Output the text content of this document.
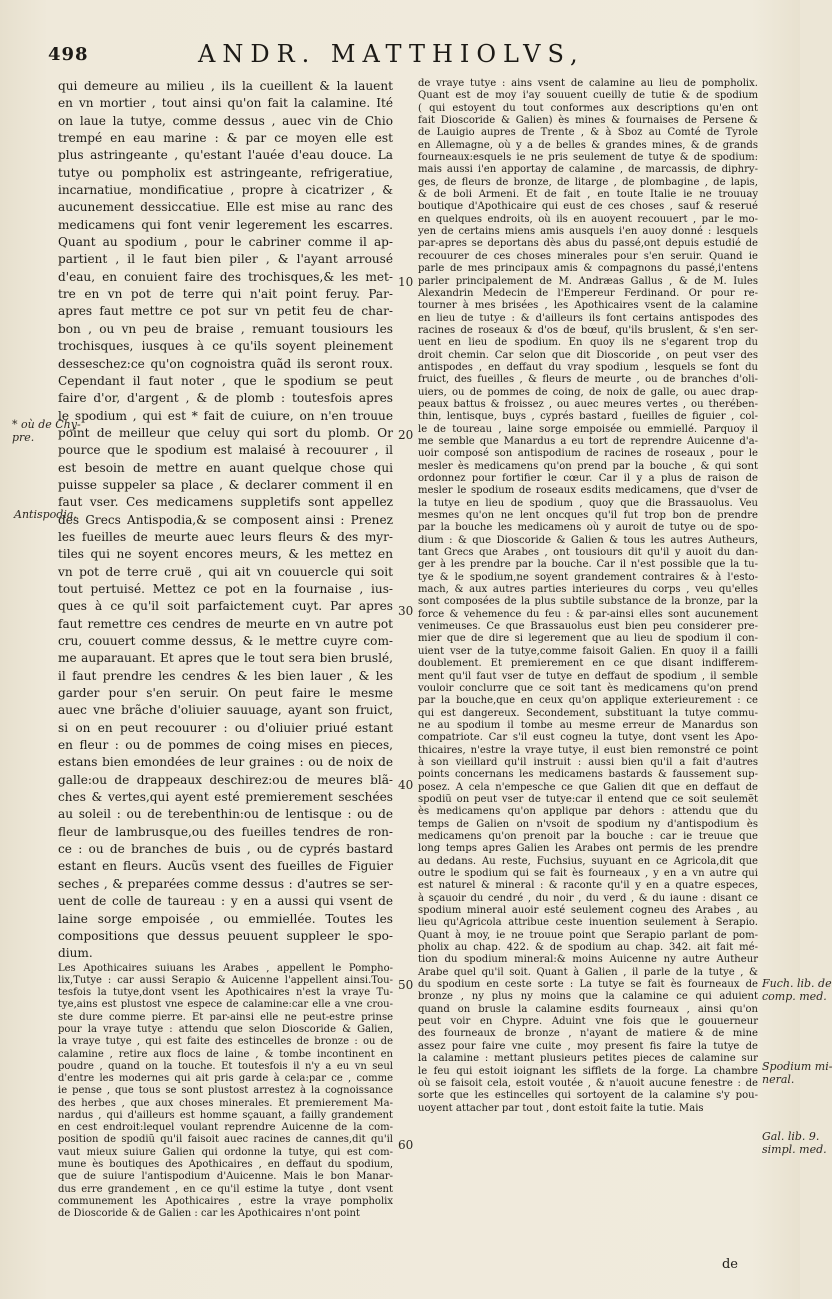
498	ANDR. MATTHIOLVS,
qui demeure au milieu , ils la cueillent & la lauent
en vn mortier , tout ainsi qu'on fait la calamine. Ité
on laue la tutye, comme dessus , auec vin de Chio
trempé en eau marine : & par ce moyen elle est
plus astringeante , qu'estant l'auée d'eau douce. La
tutye ou pompholix est astringeante, refrigeratiue,
incarnatiue, mondificatiue , propre à cicatrizer , &
aucunement dessiccatiue. Elle est mise au ranc des
medicamens qui font venir legerement les escarres.
Quant au spodium , pour le cabriner comme il ap-
partient , il le faut bien piler , & l'ayant arrousé
d'eau, en conuient faire des trochisques,& les met-
tre en vn pot de terre qui n'ait point feruy. Par-
apres faut mettre ce pot sur vn petit feu de char-
bon , ou vn peu de braise , remuant tousiours les
trochisques, iusques à ce qu'ils soyent pleinement
desseschez:ce qu'on cognoistra quãd ils seront roux.
Cependant il faut noter , que le spodium se peut
faire d'or, d'argent , & de plomb : toutesfois apres
le spodium , qui est * fait de cuiure, on n'en trouue
point de meilleur que celuy qui sort du plomb. Or
pource que le spodium est malaisé à recouurer , il
est besoin de mettre en auant quelque chose qui
puisse suppeler sa place , & declarer comment il en
faut vser. Ces medicamens suppletifs sont appellez
des Grecs Antispodia,& se composent ainsi : Prenez
les fueilles de meurte auec leurs fleurs & des myr-
tiles qui ne soyent encores meurs, & les mettez en
vn pot de terre cruë , qui ait vn couuercle qui soit
tout pertuisé. Mettez ce pot en la fournaise , ius-
ques à ce qu'il soit parfaictement cuyt. Par apres
faut remettre ces cendres de meurte en vn autre pot
cru, couuert comme dessus, & le mettre cuyre com-
me auparauant. Et apres que le tout sera bien bruslé,
il faut prendre les cendres & les bien lauer , & les
garder pour s'en seruir. On peut faire le mesme
auec vne brãche d'oliuier sauuage, ayant son fruict,
si on en peut recouurer : ou d'oliuier priué estant
en fleur : ou de pommes de coing mises en pieces,
estans bien emondées de leur graines : ou de noix de
galle:ou de drappeaux deschirez:ou de meures blã-
ches & vertes,qui ayent esté premierement seschées
au soleil : ou de terebenthin:ou de lentisque : ou de
fleur de lambrusque,ou des fueilles tendres de ron-
ce : ou de branches de buis , ou de cyprés bastard
estant en fleurs. Aucũs vsent des fueilles de Figuier
seches , & preparées comme dessus : d'autres se ser-
uent de colle de taureau : y en a aussi qui vsent de
laine sorge empoisée , ou emmiellée. Toutes les
compositions que dessus peuuent suppleer le spo-
dium.
Les Apothicaires suiuans les Arabes , appellent le Pompho-
lix,Tutye : car aussi Serapio & Auicenne l'appellent ainsi.Tou-
tesfois la tutye,dont vsent les Apothicaires n'est la vraye Tu-
tye,ains est plustost vne espece de calamine:car elle a vne crou-
ste dure comme pierre. Et par-ainsi elle ne peut-estre prinse
pour la vraye tutye : attendu que selon Dioscoride & Galien,
la vraye tutye , qui est faite des estincelles de bronze : ou de
calamine , retire aux flocs de laine , & tombe incontinent en
poudre , quand on la touche. Et toutesfois il n'y a eu vn seul
d'entre les modernes qui ait pris garde à cela:par ce , comme
ie pense , que tous se sont plustost arrestez à la cognoissance
des herbes , que aux choses minerales. Et premierement Ma-
nardus , qui d'ailleurs est homme sçauant, a failly grandement
en cest endroit:lequel voulant reprendre Auicenne de la com-
position de spodiũ qu'il faisoit auec racines de cannes,dit qu'il
vaut mieux suiure Galien qui ordonne la tutye, qui est com-
mune ès boutiques des Apothicaires , en deffaut du spodium,
que de suiure l'antispodium d'Auicenne. Mais le bon Manar-
dus erre grandement , en ce qu'il estime la tutye , dont vsent
communement les Apothicaires , estre la vraye pompholix
de Dioscoride & de Galien : car les Apothicaires n'ont point
de vraye tutye : ains vsent de calamine au lieu de pompholix.
Quant est de moy i'ay souuent cueilly de tutie & de spodium
( qui estoyent du tout conformes aux descriptions qu'en ont
fait Dioscoride & Galien) ès mines & fournaises de Persene &
de Lauigio aupres de Trente , & à Sboz au Comté de Tyrole
en Allemagne, où y a de belles & grandes mines, & de grands
fourneaux:esquels ie ne pris seulement de tutye & de spodium:
mais aussi i'en apportay de calamine , de marcassis, de diphry-
ges, de fleurs de bronze, de litarge , de plombagine , de lapis,
& de boli Armeni. Et de fait , en toute Italie ie ne trouuay
boutique d'Apothicaire qui eust de ces choses , sauf & reserué
en quelques endroits, où ils en auoyent recouuert , par le mo-
yen de certains miens amis ausquels i'en auoy donné : lesquels
par-apres se deportans dès abus du passé,ont depuis estudié de
recouurer de ces choses minerales pour s'en seruir. Quand ie
parle de mes principaux amis & compagnons du passé,i'entens
parler principalement de M. Andræas Gallus , & de M. Iules
Alexandrin Medecin de l'Empereur Ferdinand. Or pour re-
tourner à mes brisées , les Apothicaires vsent de la calamine
en lieu de tutye : & d'ailleurs ils font certains antispodes des
racines de roseaux & d'os de bœuf, qu'ils bruslent, & s'en ser-
uent en lieu de spodium. En quoy ils ne s'egarent trop du
droit chemin. Car selon que dit Dioscoride , on peut vser des
antispodes , en deffaut du vray spodium , lesquels se font du
fruict, des fueilles , & fleurs de meurte , ou de branches d'oli-
uiers, ou de pommes de coing, de noix de galle, ou auec drap-
peaux battus & froissez , ou auec meures vertes , ou therében-
thin, lentisque, buys , cyprés bastard , fueilles de figuier , col-
le de toureau , laine sorge empoisée ou emmiellé. Parquoy il
me semble que Manardus a eu tort de reprendre Auicenne d'a-
uoir composé son antispodium de racines de roseaux , pour le
mesler ès medicamens qu'on prend par la bouche , & qui sont
ordonnez pour fortifier le cœur. Car il y a plus de raison de
mesler le spodium de roseaux esdits medicamens, que d'vser de
la tutye en lieu de spodium , quoy que die Brassauolus. Veu
mesmes qu'on ne lent oncques qu'il fut trop bon de prendre
par la bouche les medicamens où y auroit de tutye ou de spo-
dium : & que Dioscoride & Galien & tous les autres Autheurs,
tant Grecs que Arabes , ont tousiours dit qu'il y auoit du dan-
ger à les prendre par la bouche. Car il n'est possible que la tu-
tye & le spodium,ne soyent grandement contraires & à l'esto-
mach, & aux autres parties interieures du corps , veu qu'elles
sont composées de la plus subtile substance de la bronze, par la
force & vehemence du feu : & par-ainsi elles sont aucunement
venimeuses. Ce que Brassauolus eust bien peu considerer pre-
mier que de dire si legerement que au lieu de spodium il con-
uient vser de la tutye,comme faisoit Galien. En quoy il a failli
doublement. Et premierement en ce que disant indifferem-
ment qu'il faut vser de tutye en deffaut de spodium , il semble
vouloir conclurre que ce soit tant ès medicamens qu'on prend
par la bouche,que en ceux qu'on applique exterieurement : ce
qui est dangereux. Secondement, substituant la tutye commu-
ne au spodium il tombe au mesme erreur de Manardus son
compatriote. Car s'il eust cogneu la tutye, dont vsent les Apo-
thicaires, n'estre la vraye tutye, il eust bien remonstré ce point
à son vieillard qu'il instruit : aussi bien qu'il a fait d'autres
points concernans les medicamens bastards & faussement sup-
posez. A cela n'empesche ce que Galien dit que en deffaut de
spodiũ on peut vser de tutye:car il entend que ce soit seulemẽt
ès medicamens qu'on applique par dehors : attendu que du
temps de Galien on n'vsoit de spodium ny d'antispodium ès
medicamens qu'on prenoit par la bouche : car ie treuue que
long temps apres Galien les Arabes ont permis de les prendre
au dedans. Au reste, Fuchsius, suyuant en ce Agricola,dit que
outre le spodium qui se fait ès fourneaux , y en a vn autre qui
est naturel & mineral : & raconte qu'il y en a quatre especes,
à sçauoir du cendré , du noir , du verd , & du iaune : disant ce
spodium mineral auoir esté seulement cogneu des Arabes , au
lieu qu'Agricola attribue ceste inuention seulement à Serapio.
Quant à moy, ie ne trouue point que Serapio parlant de pom-
pholix au chap. 422. & de spodium au chap. 342. ait fait mé-
tion du spodium mineral:& moins Auicenne ny autre Autheur
Arabe quel qu'il soit. Quant à Galien , il parle de la tutye , &
du spodium en ceste sorte : La tutye se fait ès fourneaux de
bronze , ny plus ny moins que la calamine ce qui aduient
quand on brusle la calamine esdits fourneaux , ainsi qu'on
peut voir en Chypre. Aduint vne fois que le gouuerneur
des fourneaux de bronze , n'ayant de matiere & de mine
assez pour faire vne cuite , moy present fis faire la tutye de
la calamine : mettant plusieurs petites pieces de calamine sur
le feu qui estoit ioignant les sifflets de la forge. La chambre
où se faisoit cela, estoit voutée , & n'auoit aucune fenestre : de
sorte que les estincelles qui sortoyent de la calamine s'y pou-
uoyent attacher par tout , dont estoit faite la tutie. Mais
10
20
30
40
50
60
* où de Chy-
pre.
Antispodia.
Fuch. lib. de
comp. med.
Spodium mi-
neral.
Gal. lib. 9.
simpl. med.
de
